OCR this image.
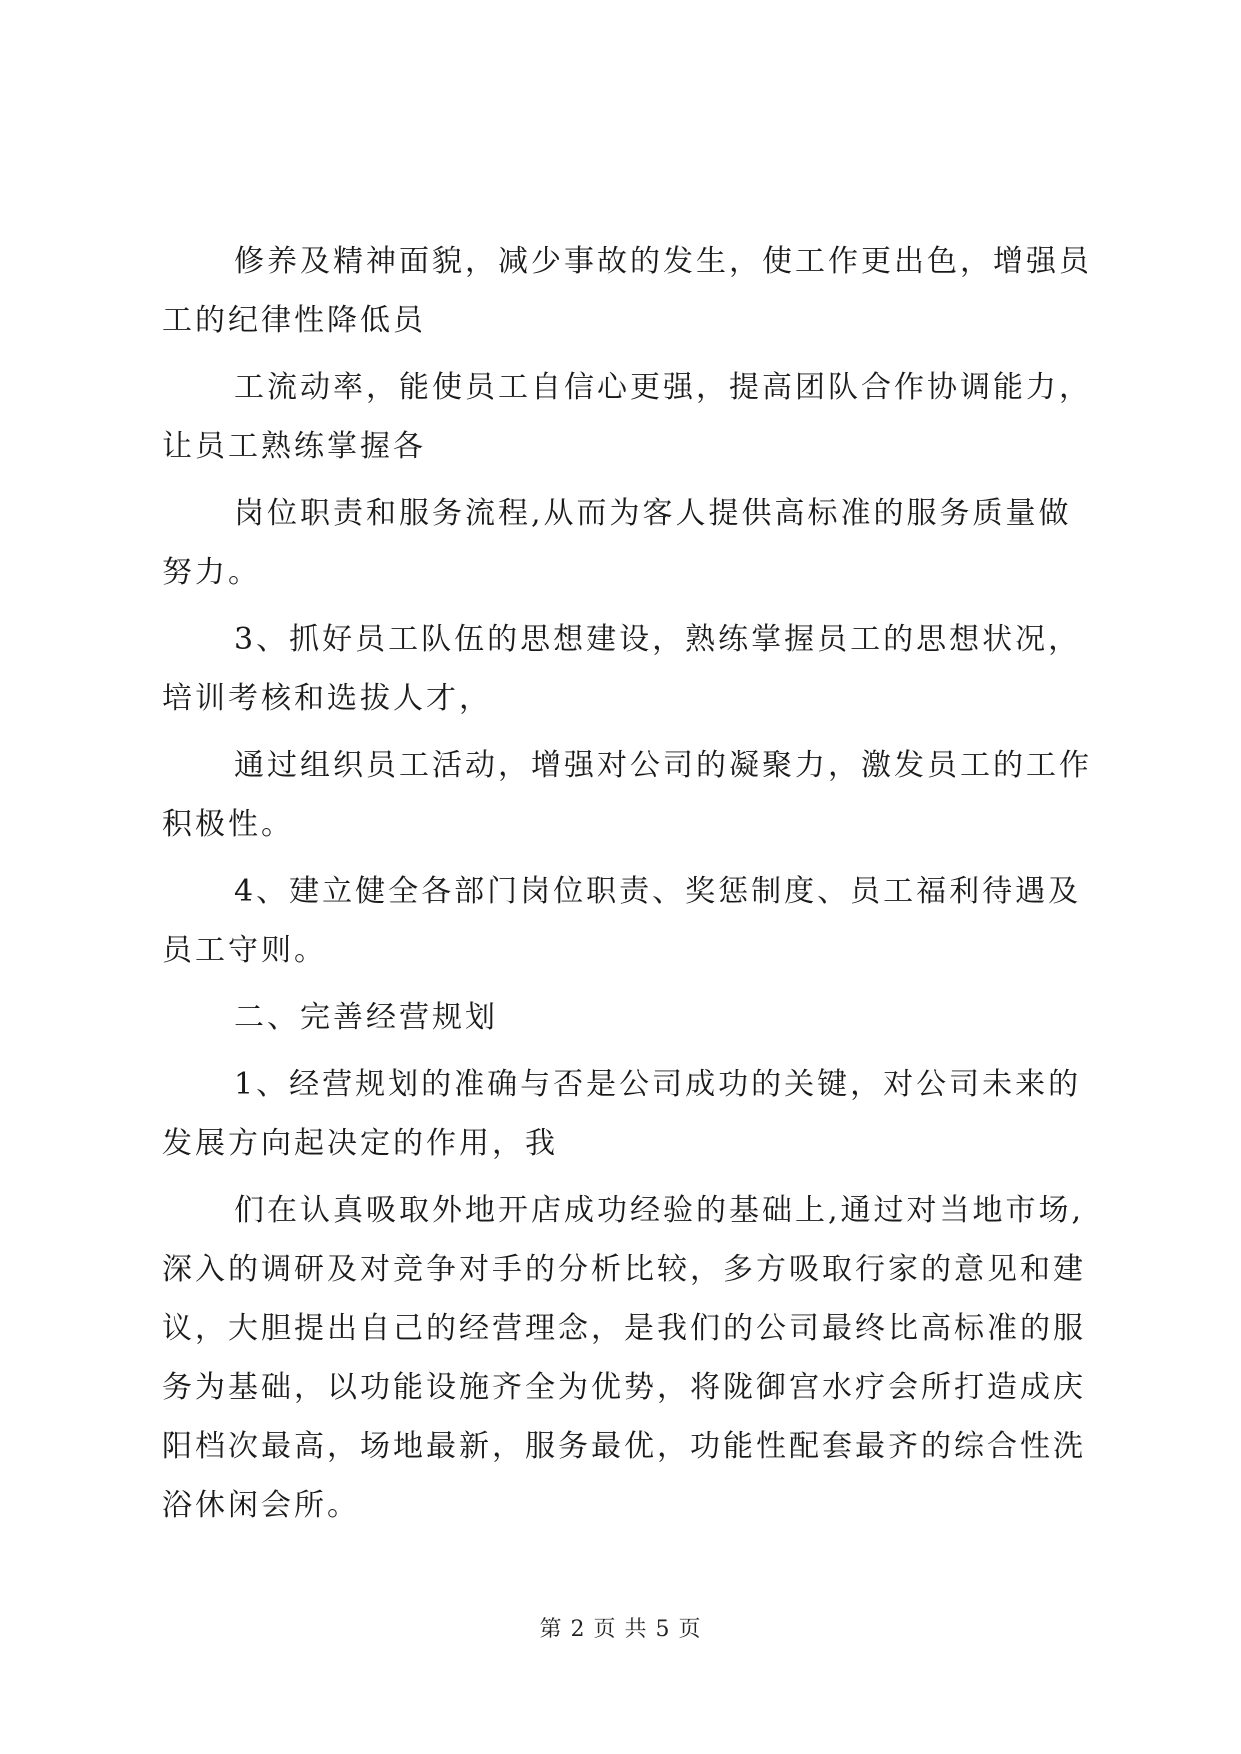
修养及精神面貌，减少事故的发生，使工作更出色，增强员
工的纪律性降低员

工流动率，能使员工自信心更强，提高团队合作协调能力，
让员工熟练掌握各

岗位职责和服务流程,从而为客人提供高标准的服务质量做
努力。

3、抓好员工队伍的思想建设，熟练掌握员工的思想状况，
培训考核和选拔人才，

通过组织员工活动，增强对公司的凝聚力，激发员工的工作
积极性。

4、建立健全各部门岗位职责、奖惩制度、员工福利待遇及
员工守则。

二、完善经营规划

1、经营规划的准确与否是公司成功的关键，对公司未来的
发展方向起决定的作用，我

们在认真吸取外地开店成功经验的基础上,通过对当地市场,
深入的调研及对竞争对手的分析比较，多方吸取行家的意见和建
议，大胆提出自己的经营理念，是我们的公司最终比高标准的服
务为基础，以功能设施齐全为优势，将陇御宫水疗会所打造成庆
阳档次最高，场地最新，服务最优，功能性配套最齐的综合性洗
浴休闲会所。

第 2 页 共 5 页
